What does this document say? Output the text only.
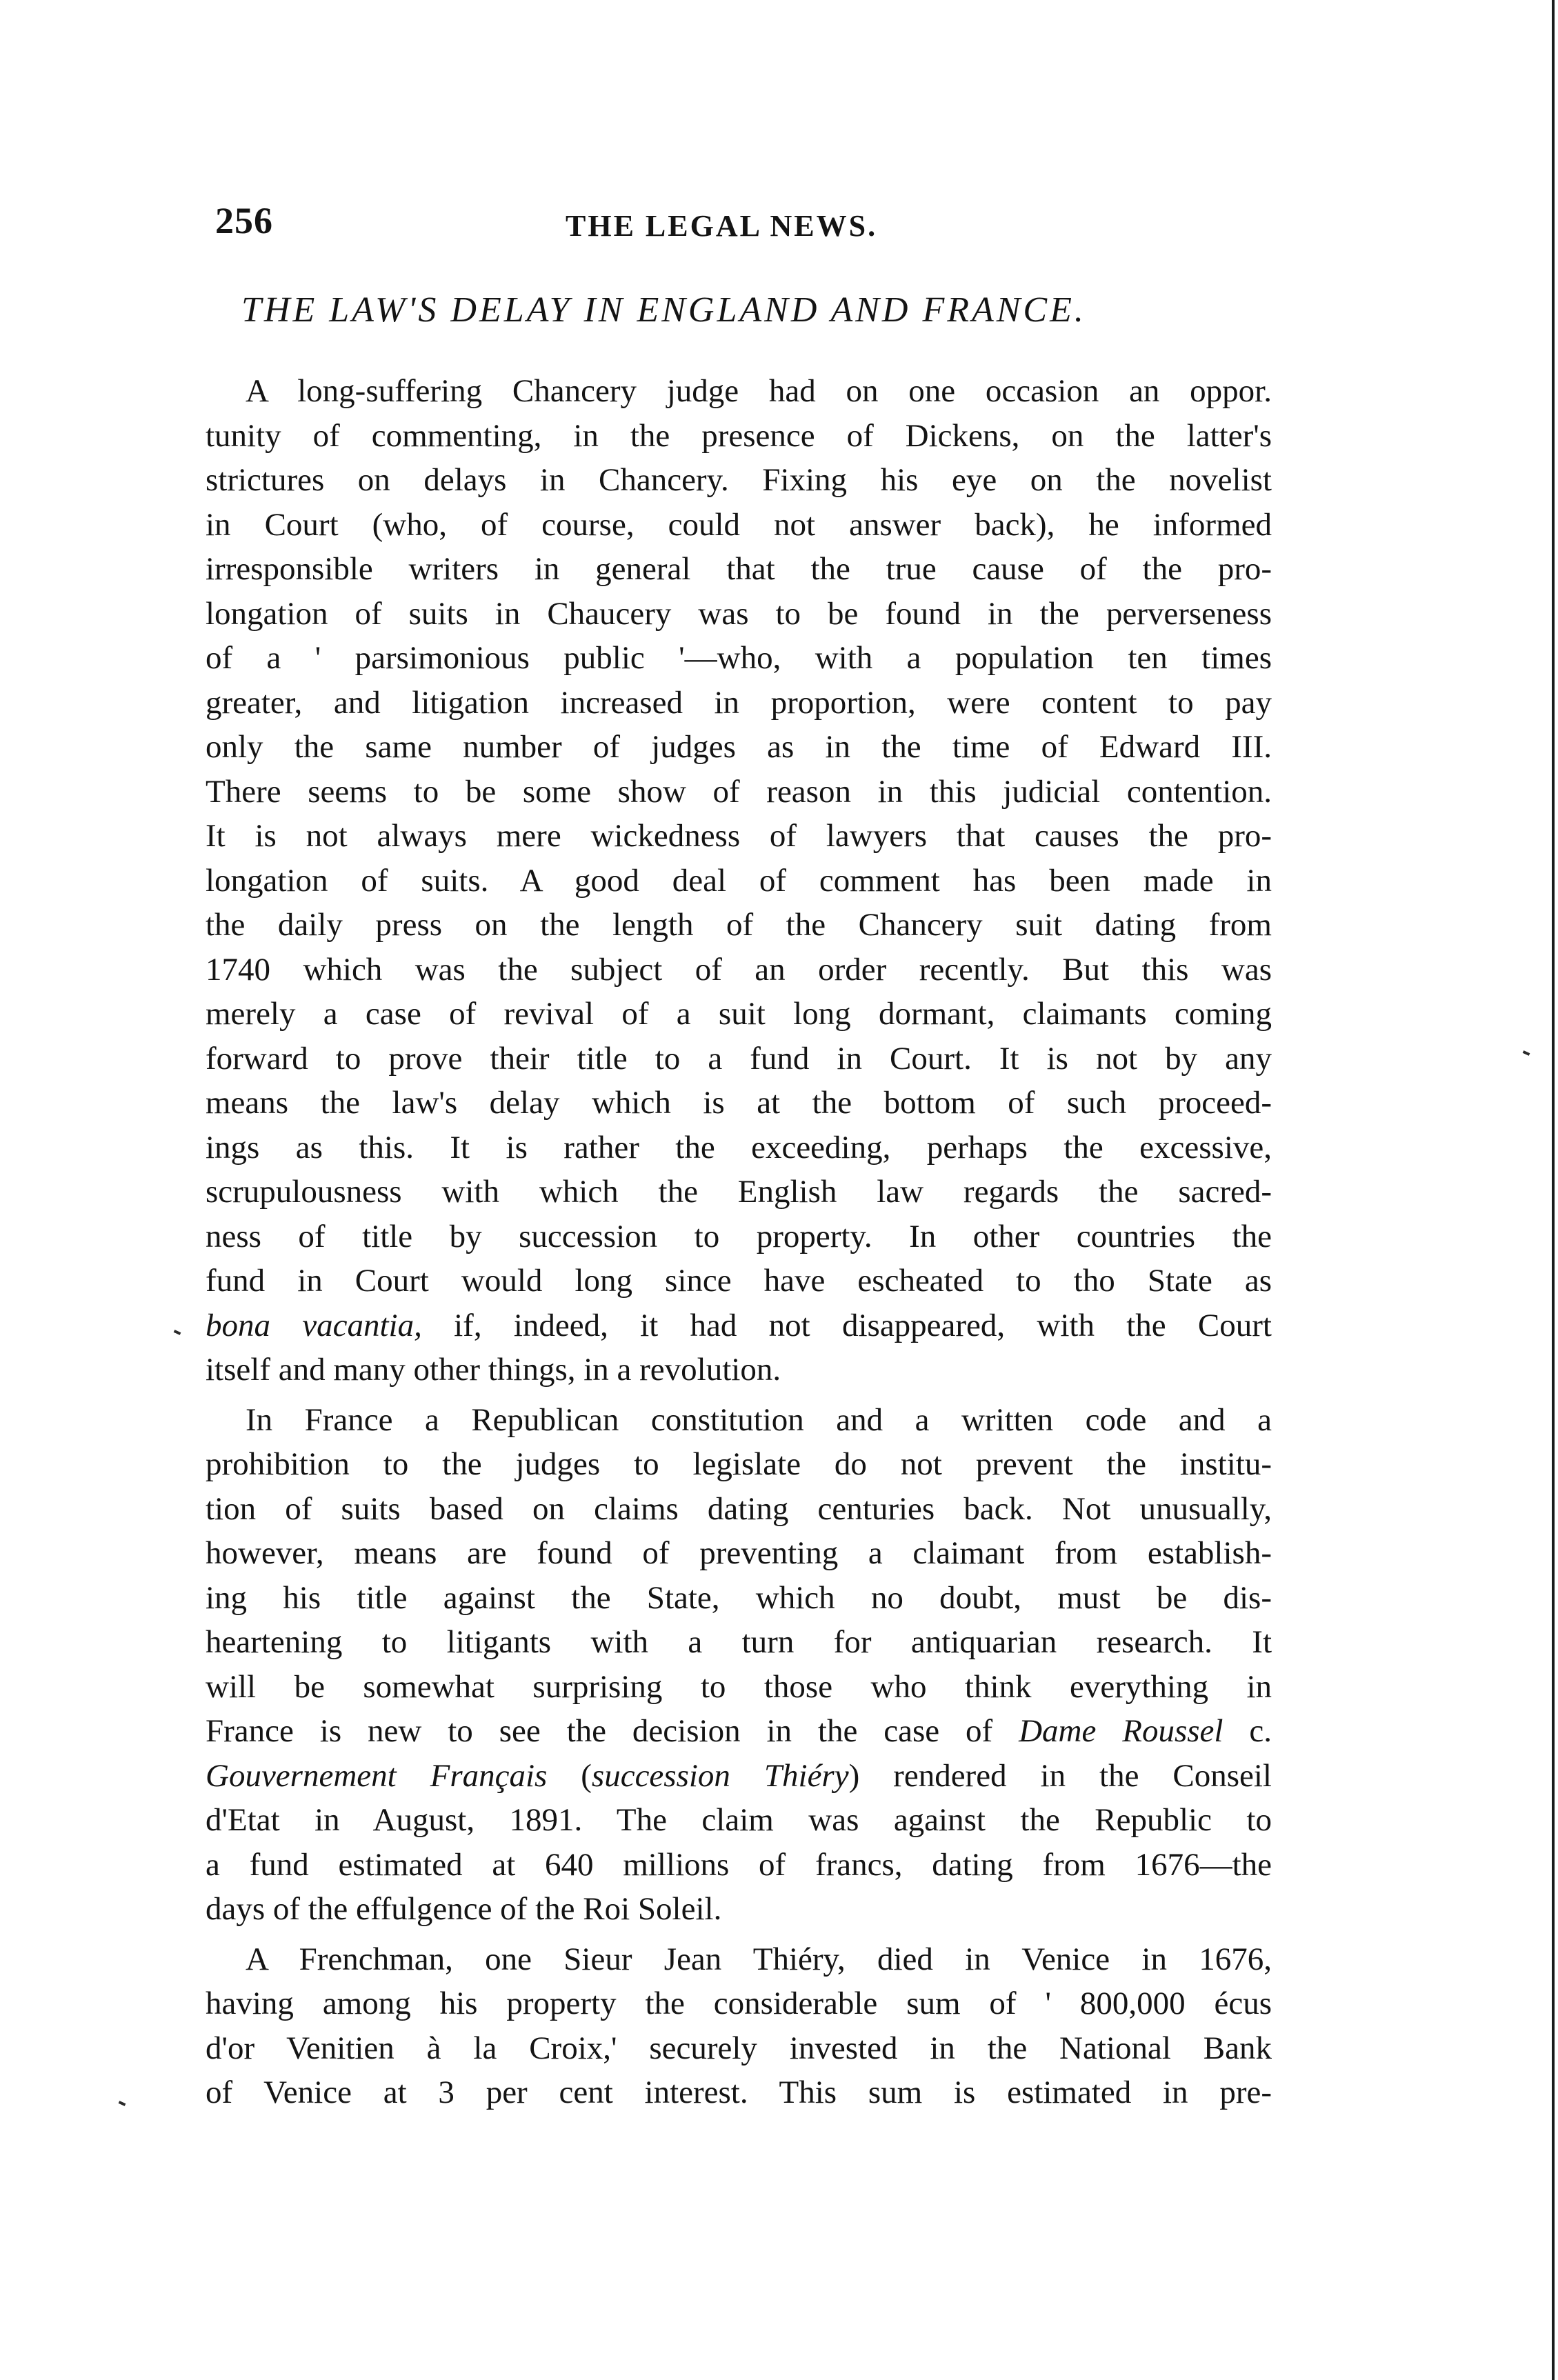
256	THE LEGAL NEWS.
THE LAW'S DELAY IN ENGLAND AND FRANCE.
A long-suffering Chancery judge had on one occasion an oppor.
tunity of commenting, in the presence of Dickens, on the latter's
strictures on delays in Chancery. Fixing his eye on the novelist
in Court (who, of course, could not answer back), he informed
irresponsible writers in general that the true cause of the pro-
longation of suits in Chaucery was to be found in the perverseness
of a ' parsimonious public '—who, with a population ten times
greater, and litigation increased in proportion, were content to pay
only the same number of judges as in the time of Edward III.
There seems to be some show of reason in this judicial contention.
It is not always mere wickedness of lawyers that causes the pro-
longation of suits. A good deal of comment has been made in
the daily press on the length of the Chancery suit dating from
1740 which was the subject of an order recently. But this was
merely a case of revival of a suit long dormant, claimants coming
forward to prove their title to a fund in Court. It is not by any
means the law's delay which is at the bottom of such proceed-
ings as this. It is rather the exceeding, perhaps the excessive,
scrupulousness with which the English law regards the sacred-
ness of title by succession to property. In other countries the
fund in Court would long since have escheated to tho State as
bona vacantia, if, indeed, it had not disappeared, with the Court
itself and many other things, in a revolution.
In France a Republican constitution and a written code and a
prohibition to the judges to legislate do not prevent the institu-
tion of suits based on claims dating centuries back. Not unusually,
however, means are found of preventing a claimant from establish-
ing his title against the State, which no doubt, must be dis-
heartening to litigants with a turn for antiquarian research. It
will be somewhat surprising to those who think everything in
France is new to see the decision in the case of Dame Roussel c.
Gouvernement Français (succession Thiéry) rendered in the Conseil
d'Etat in August, 1891. The claim was against the Republic to
a fund estimated at 640 millions of francs, dating from 1676—the
days of the effulgence of the Roi Soleil.
A Frenchman, one Sieur Jean Thiéry, died in Venice in 1676,
having among his property the considerable sum of ' 800,000 écus
d'or Venitien à la Croix,' securely invested in the National Bank
of Venice at 3 per cent interest. This sum is estimated in pre-
